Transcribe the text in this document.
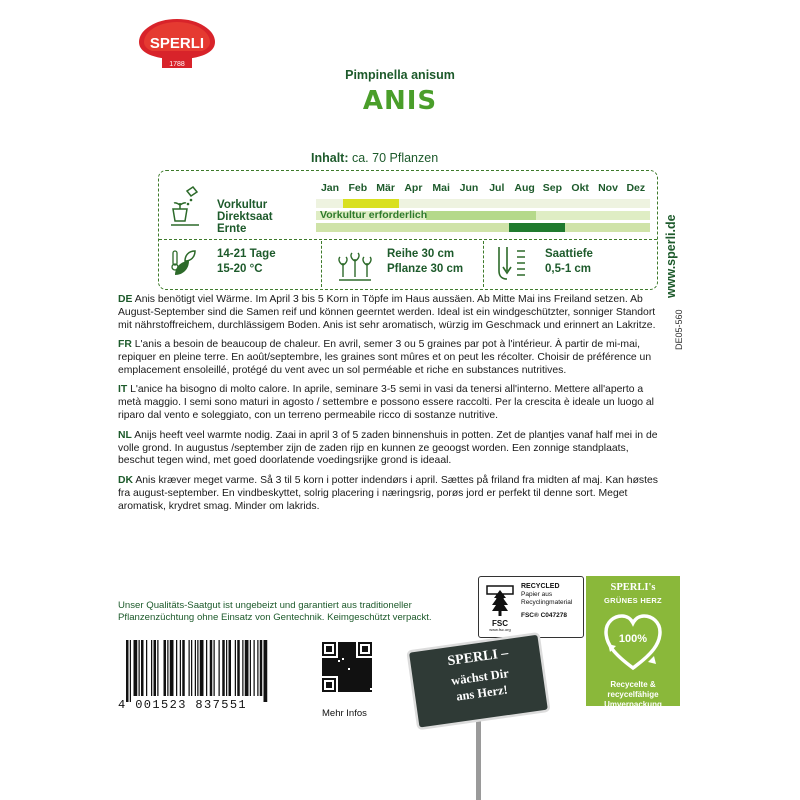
SPERLI
1788
Pimpinella anisum
ANIS
Inhalt: ca. 70 Pflanzen
Jan Feb Mär Apr Mai Jun	Jul Aug Sep Okt Nov Dez
Vorkultur
Direktsaat
Ernte
Vorkultur erforderlich
14-21 Tage
15-20 °C
Reihe 30 cm
Pflanze 30 cm
Saattiefe
0,5-1 cm	www.sperli.de
DE05-560

DE Anis benötigt viel Wärme. Im April 3 bis 5 Korn in Töpfe im Haus aussäen. Ab Mitte Mai ins Freiland setzen. Ab August-September sind die Samen reif und können geerntet werden. Ideal ist ein windgeschützter, sonniger Standort mit nährstoffreichem, durchlässigem Boden. Anis ist sehr aromatisch, würzig im Geschmack und erinnert an Lakritze.

FR L'anis a besoin de beaucoup de chaleur. En avril, semer 3 ou 5 graines par pot à l'intérieur. À partir de mi-mai, repiquer en pleine terre. En août/septembre, les graines sont mûres et on peut les récolter. Choisir de préférence un emplacement ensoleillé, protégé du vent avec un sol perméable et riche en substances nutritives.

IT L'anice ha bisogno di molto calore. In aprile, seminare 3-5 semi in vasi da tenersi all'interno. Mettere all'aperto a metà maggio. I semi sono maturi in agosto / settembre e possono essere raccolti. Per la crescita è ideale un luogo al riparo dal vento e soleggiato, con un terreno permeabile ricco di sostanze nutritive.

NL Anijs heeft veel warmte nodig. Zaai in april 3 of 5 zaden binnenshuis in potten. Zet de plantjes vanaf half mei in de volle grond. In augustus /september zijn de zaden rijp en kunnen ze geoogst worden. Een zonnige standplaats, beschut tegen wind, met goed doorlatende voedingsrijke grond is ideaal.

DK Anis kræver meget varme. Så 3 til 5 korn i potter indendørs i april. Sættes på friland fra midten af maj. Kan høstes fra august-september. En vindbeskyttet, solrig placering i næringsrig, porøs jord er perfekt til denne sort. Meget aromatisk, krydret smag. Minder om lakrids.

Unser Qualitäts-Saatgut ist ungebeizt und garantiert aus traditioneller Pflanzenzüchtung ohne Einsatz von Gentechnik. Keimgeschützt verpackt.
4 001523 837551
Mehr Infos
FSC
www.fsc.org
RECYCLED
Papier aus
Recyclingmaterial
FSC® C047278
SPERLI's
GRÜNES HERZ
100%
Recycelte &
recycelfähige
Umverpackung
SPERLI –
wächst Dir
ans Herz!
